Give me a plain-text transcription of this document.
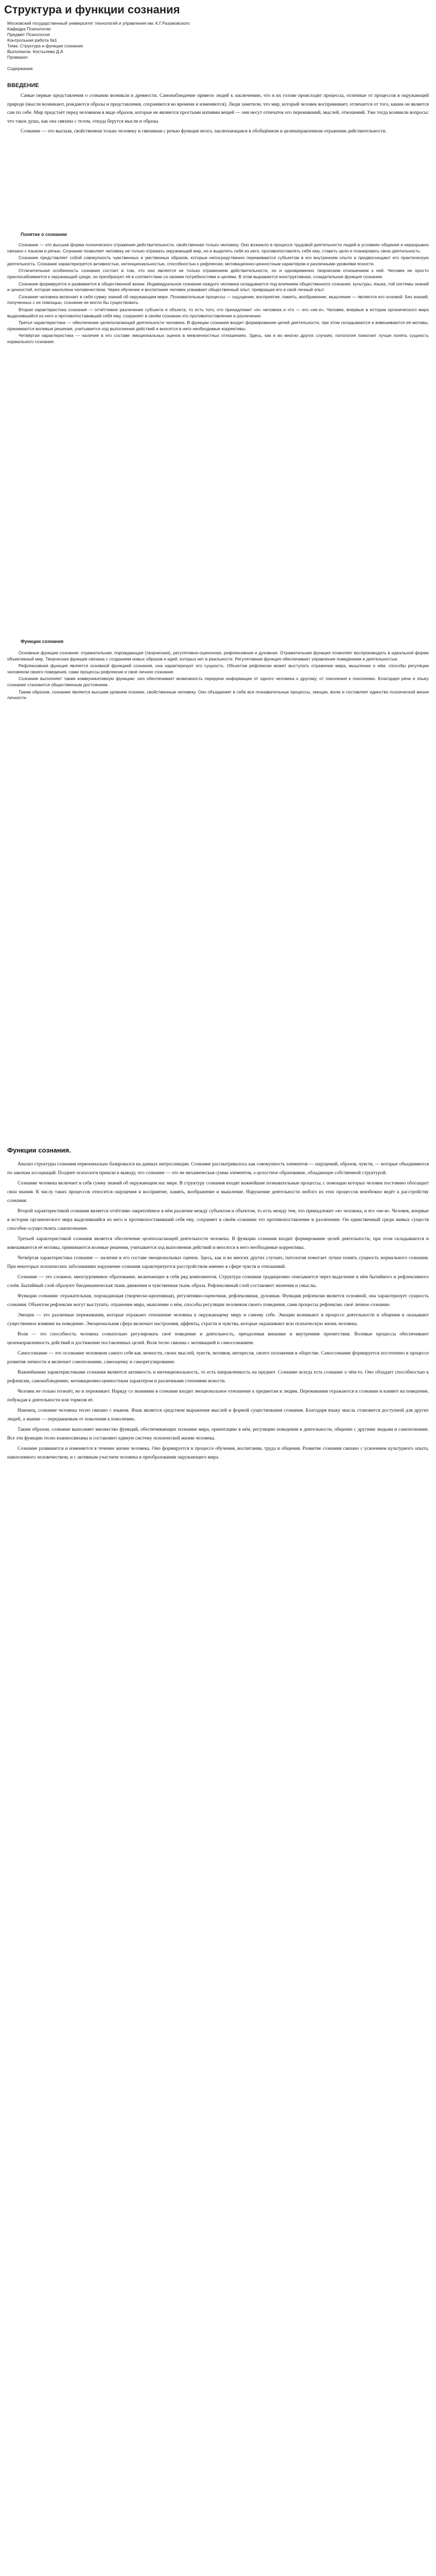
Структура и функции сознания
Московский государственный университет технологий и управления им. К.Г.Разумовского
Кафедра Психологии
Предмет Психология
Контрольная работа №1
Тема: Структура и функции сознания
Выполнила: Костылева Д.А
Проверил:

Содержание
ВВЕДЕНИЕ

Самые первые представления о сознании возникли в древности. Самонаблюдение привело людей к заключению, что в их голове происходят процессы, отличные от процессов в окружающей природе (мысли возникают, рождаются образы и представления, сохраняются во времени и изменяются). Люди заметили, что мир, который человек воспринимает, отличается от того, каким он является сам по себе. Мир предстаёт перед человеком в виде образов, которые не являются простыми копиями вещей — они несут отпечаток его переживаний, мыслей, отношений. Уже тогда возникли вопросы: что такое душа, как она связана с телом, откуда берутся мысли и образы.

Сознание — это высшая, свойственная только человеку и связанная с речью функция мозга, заключающаяся в обобщённом и целенаправленном отражении действительности.

Понятие о сознании

Сознание — это высшая форма психического отражения действительности, свойственная только человеку. Оно возникло в процессе трудовой деятельности людей в условиях общения и неразрывно связано с языком и речью. Сознание позволяет человеку не только отражать окружающий мир, но и выделять себя из него, противопоставлять себя ему, ставить цели и планировать свою деятельность.

Сознание представляет собой совокупность чувственных и умственных образов, которые непосредственно переживаются субъектом в его внутреннем опыте и предвосхищают его практическую деятельность. Сознание характеризуется активностью, интенциональностью, способностью к рефлексии, мотивационно-ценностным характером и различными уровнями ясности.

Отличительная особенность сознания состоит в том, что оно является не только отражением действительности, но и одновременно творческим отношением к ней. Человек не просто приспосабливается к окружающей среде, он преобразует её в соответствии со своими потребностями и целями. В этом выражается конструктивная, созидательная функция сознания.

Сознание формируется и развивается в общественной жизни. Индивидуальное сознание каждого человека складывается под влиянием общественного сознания, культуры, языка, той системы знаний и ценностей, которая накоплена человечеством. Через обучение и воспитание человек усваивает общественный опыт, превращая его в свой личный опыт.

Сознание человека включает в себя сумму знаний об окружающем мире. Познавательные процессы — ощущение, восприятие, память, воображение, мышление — являются его основой. Без знаний, полученных с их помощью, сознание не могло бы существовать.

Вторая характеристика сознания — отчётливое различение субъекта и объекта, то есть того, что принадлежит «я» человека и что — его «не-я». Человек, впервые в истории органического мира выделившийся из него и противопоставивший себя ему, сохраняет в своём сознании это противопоставление и различение.

Третья характеристика — обеспечение целеполагающей деятельности человека. В функции сознания входит формирование целей деятельности, при этом складываются и взвешиваются её мотивы, принимаются волевые решения, учитывается ход выполнения действий и вносятся в него необходимые коррективы.

Четвёртая характеристика — наличие в его составе эмоциональных оценок в межличностных отношениях. Здесь, как и во многих других случаях, патология помогает лучше понять сущность нормального сознания.

Функции сознания

Основные функции сознания: отражательная, порождающая (творческая), регулятивно-оценочная, рефлексивная и духовная. Отражательная функция позволяет воспроизводить в идеальной форме объективный мир. Творческая функция связана с созданием новых образов и идей, которых нет в реальности. Регулятивная функция обеспечивает управление поведением и деятельностью.

Рефлексивная функция является основной функцией сознания, она характеризует его сущность. Объектом рефлексии может выступать отражение мира, мышление о нём, способы регуляции человеком своего поведения, сами процессы рефлексии и своё личное сознание.

Сознание выполняет также коммуникативную функцию: оно обеспечивает возможность передачи информации от одного человека к другому, от поколения к поколению. Благодаря речи и языку сознание становится общественным достоянием.

Таким образом, сознание является высшим уровнем психики, свойственным человеку. Оно объединяет в себе все познавательные процессы, эмоции, волю и составляет единство психической жизни личности.

Функции сознания.

Анализ структуры сознания первоначально базировался на данных интроспекции. Сознание рассматривалось как совокупность элементов — ощущений, образов, чувств, — которые объединяются по законам ассоциаций. Позднее психологи пришли к выводу, что сознание — это не механическая сумма элементов, а целостное образование, обладающее собственной структурой.

Сознание человека включает в себя сумму знаний об окружающем нас мире. В структуру сознания входят важнейшие познавательные процессы, с помощью которых человек постоянно обогащает свои знания. К числу таких процессов относятся ощущения и восприятие, память, воображение и мышление. Нарушение деятельности любого из этих процессов неизбежно ведёт к расстройству сознания.

Второй характеристикой сознания является отчётливо закреплённое в нём различие между субъектом и объектом, то есть между тем, что принадлежит «я» человека, и его «не-я». Человек, впервые в истории органического мира выделившийся из него и противопоставивший себя ему, сохраняет в своём сознании это противопоставление и различение. Он единственный среди живых существ способен осуществлять самопознание.

Третьей характеристикой сознания является обеспечение целеполагающей деятельности человека. В функции сознания входит формирование целей деятельности, при этом складываются и взвешиваются её мотивы, принимаются волевые решения, учитывается ход выполнения действий и вносятся в него необходимые коррективы.

Четвёртая характеристика сознания — наличие в его составе эмоциональных оценок. Здесь, как и во многих других случаях, патология помогает лучше понять сущность нормального сознания. При некоторых психических заболеваниях нарушение сознания характеризуется расстройством именно в сфере чувств и отношений.

Сознание — это сложное, многоуровневое образование, включающее в себя ряд компонентов. Структура сознания традиционно описывается через выделение в нём бытийного и рефлексивного слоёв. Бытийный слой образуют биодинамическая ткань движения и чувственная ткань образа. Рефлексивный слой составляют значения и смыслы.

Функции сознания: отражательная, порождающая (творческо-креативная), регулятивно-оценочная, рефлексивная, духовная. Функция рефлексии является основной, она характеризует сущность сознания. Объектом рефлексии могут выступать: отражение мира, мышление о нём, способы регуляции человеком своего поведения, сами процессы рефлексии, своё личное сознание.

Эмоции — это различные переживания, которые отражают отношение человека к окружающему миру и самому себе. Эмоции возникают в процессе деятельности и общения и оказывают существенное влияние на поведение. Эмоциональная сфера включает настроения, аффекты, страсти и чувства, которые окрашивают всю психическую жизнь человека.

Воля — это способность человека сознательно регулировать своё поведение и деятельность, преодолевая внешние и внутренние препятствия. Волевые процессы обеспечивают целенаправленность действий и достижение поставленных целей. Воля тесно связана с мотивацией и самосознанием.

Самосознание — это осознание человеком самого себя как личности, своих мыслей, чувств, мотивов, интересов, своего положения в обществе. Самосознание формируется постепенно в процессе развития личности и включает самопознание, самооценку и саморегулирование.

Важнейшими характеристиками сознания являются активность и интенциональность, то есть направленность на предмет. Сознание всегда есть сознание о чём-то. Оно обладает способностью к рефлексии, самонаблюдению, мотивационно-ценностным характером и различными степенями ясности.

Человек не только познаёт, но и переживает. Наряду со знаниями в сознание входит эмоциональное отношение к предметам и людям. Переживания отражаются в сознании и влияют на поведение, побуждая к деятельности или тормозя её.

Наконец, сознание человека тесно связано с языком. Язык является средством выражения мыслей и формой существования сознания. Благодаря языку мысль становится доступной для других людей, а знание — передаваемым от поколения к поколению.

Таким образом, сознание выполняет множество функций, обеспечивающих познание мира, ориентацию в нём, регуляцию поведения и деятельности, общение с другими людьми и самопознание. Все эти функции тесно взаимосвязаны и составляют единую систему психической жизни человека.

Сознание развивается и изменяется в течение жизни человека. Оно формируется в процессе обучения, воспитания, труда и общения. Развитие сознания связано с усвоением культурного опыта, накопленного человечеством, и с активным участием человека в преобразовании окружающего мира.
